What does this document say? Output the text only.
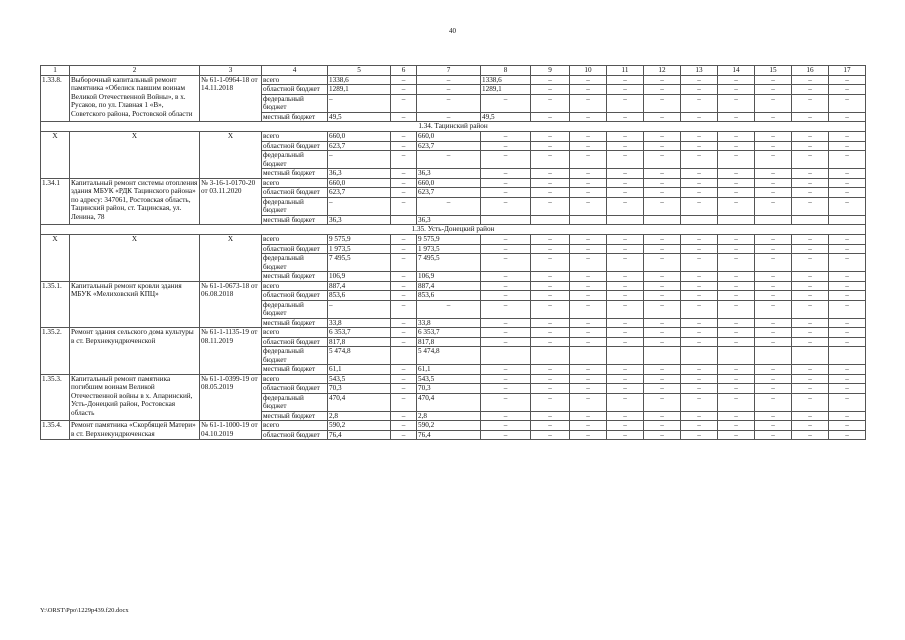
40
1	2	3	4	5	6	7	8	9	10	11	12	13	14	15	16	17
1.33.8.	Выборочный капитальный ремонт памятника «Обелиск павшим воинам Великой Отечественной Войны», в х. Русаков, по ул. Главная 1 «В», Советского района, Ростовской области	№ 61-1-0964-18 от 14.11.2018	всего	1338,6	–	–	1338,6	–	–	–	–	–	–	–	–	–
			областной бюджет	1289,1	–	–	1289,1	–	–	–	–	–	–	–	–	–
			федеральный бюджет	–	–	–	–	–	–	–	–	–	–	–	–	–
			местный бюджет	49,5	–	–	49,5	–	–	–	–	–	–	–	–	–
1.34. Тацинский район																
Х	Х	Х	всего	660,0	–	660,0	–	–	–	–	–	–	–	–	–	–
			областной бюджет	623,7	–	623,7	–	–	–	–	–	–	–	–	–	–
			федеральный бюджет	–	–	–	–	–	–	–	–	–	–	–	–	–
			местный бюджет	36,3	–	36,3	–	–	–	–	–	–	–	–	–	–
1.34.1	Капитальный ремонт системы отопления здания МБУК «РДК Тацинского района» по адресу: 347061, Ростовская область, Тацинский район, ст. Тацинская, ул. Ленина, 78	№ 3-16-1-0170-20 от 03.11.2020	всего	660,0	–	660,0	–	–	–	–	–	–	–	–	–	–
			областной бюджет	623,7	–	623,7	–	–	–	–	–	–	–	–	–	–
			федеральный бюджет	–	–	–	–	–	–	–	–	–	–	–	–	–
			местный бюджет	36,3		36,3										
1.35. Усть-Донецкий район																
Х	Х	Х	всего	9 575,9	–	9 575,9	–	–	–	–	–	–	–	–	–	–
			областной бюджет	1 973,5	–	1 973,5	–	–	–	–	–	–	–	–	–	–
			федеральный бюджет	7 495,5	–	7 495,5	–	–	–	–	–	–	–	–	–	–
			местный бюджет	106,9	–	106,9	–	–	–	–	–	–	–	–	–	–
1.35.1.	Капитальный ремонт кровли здания МБУК «Мелиховский КПЦ»	№ 61-1-0673-18 от 06.08.2018	всего	887,4	–	887,4	–	–	–	–	–	–	–	–	–	–
			областной бюджет	853,6	–	853,6	–	–	–	–	–	–	–	–	–	–
			федеральный бюджет	–	–	–	–	–	–	–	–	–	–	–	–	–
			местный бюджет	33,8	–	33,8	–	–	–	–	–	–	–	–	–	–
1.35.2.	Ремонт здания сельского дома культуры в ст. Верхнекундрюченской	№ 61-1-1135-19 от 08.11.2019	всего	6 353,7	–	6 353,7	–	–	–	–	–	–	–	–	–	–
			областной бюджет	817,8	–	817,8	–	–	–	–	–	–	–	–	–	–
			федеральный бюджет	5 474,8		5 474,8										
			местный бюджет	61,1	–	61,1	–	–	–	–	–	–	–	–	–	–
1.35.3.	Капитальный ремонт памятника погибшим воинам Великой Отечественной войны в х. Апаринский, Усть-Донецкий район, Ростовская область	№ 61-1-0399-19 от 08.05.2019	всего	543,5	–	543,5	–	–	–	–	–	–	–	–	–	–
			областной бюджет	70,3	–	70,3	–	–	–	–	–	–	–	–	–	–
			федеральный бюджет	470,4	–	470,4	–	–	–	–	–	–	–	–	–	–
			местный бюджет	2,8	–	2,8	–	–	–	–	–	–	–	–	–	–
1.35.4.	Ремонт памятника «Скорбящей Матери» в ст. Верхнекундрюченская	№ 61-1-1000-19 от 04.10.2019	всего	590,2	–	590,2	–	–	–	–	–	–	–	–	–	–
			областной бюджет	76,4	–	76,4	–	–	–	–	–	–	–	–	–	–
Y:\ORST\Ppo\1229p439.f20.docx
